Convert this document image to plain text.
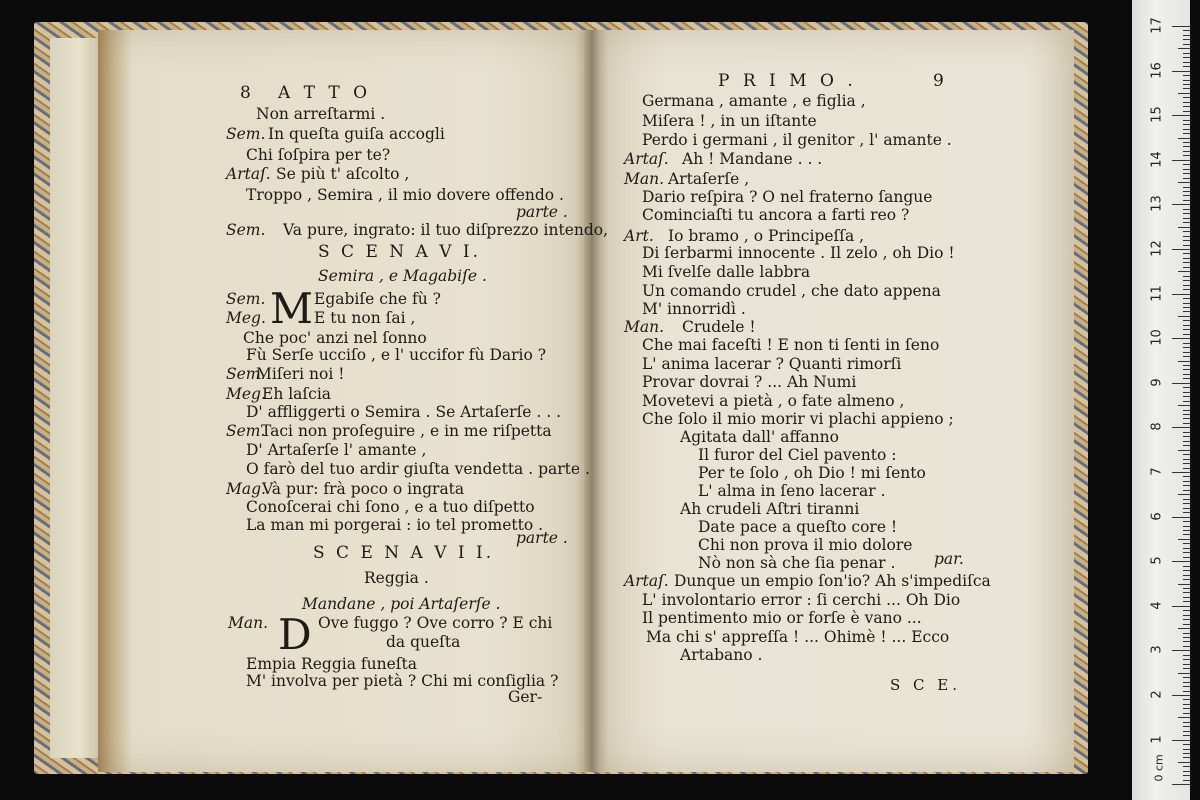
8 A T T O
Non arreſtarmi .
Sem. In queſta guiſa accogli
Chi ſoſpira per te?
Artaſ. Se più t' aſcolto ,
Troppo , Semira , il mio dovere offendo .
parte .
Sem. Va pure, ingrato: il tuo diſprezzo intendo,
S C E N A V I.
Semira , e Magabiſe .
M
Sem.	Egabiſe che fù ?
Meg.	E tu non ſai ,
Che poc' anzi nel ſonno
Fù Serſe ucciſo , e l' uccifor fù Dario ?
Sem.
Miſeri noi !
Meg.
Eh laſcia
D' affliggerti o Semira . Se Artaſerſe . . .
Sem.
Taci non proſeguire , e in me riſpetta
D' Artaſerſe l' amante ,
O farò del tuo ardir giuſta vendetta . parte .
Mag.
Và pur: frà poco o ingrata
Conoſcerai chi ſono , e a tuo diſpetto
La man mi porgerai : io tel prometto .
parte .
S C E N A V I I.
Reggia .
Mandane , poi Artaſerſe .
D
Man.	Ove fuggo ? Ove corro ? E chi
da queſta
Empia Reggia funeſta
M' involva per pietà ? Chi mi conſiglia ?
Ger-
P R I M O .	9
S C E.
Germana , amante , e figlia ,
Miſera ! , in un iſtante
Perdo i germani , il genitor , l' amante .
Artaſ. Ah ! Mandane . . .
Man. Artaſerſe ,
Dario reſpira ? O nel fraterno ſangue
Cominciaſti tu ancora a farti reo ?
Art. Io bramo , o Principeſſa ,
Di ſerbarmi innocente . Il zelo , oh Dio !
Mi ſvelſe dalle labbra
Un comando crudel , che dato appena
M' innorridì .
Man. Crudele !
Che mai faceſti ! E non ti ſenti in ſeno
L' anima lacerar ? Quanti rimorſi
Provar dovrai ? ... Ah Numi
Movetevi a pietà , o fate almeno ,
Che ſolo il mio morir vi plachi appieno ;
Agitata dall' affanno
Il furor del Ciel pavento :
Per te ſolo , oh Dio ! mi ſento
L' alma in ſeno lacerar .
Ah crudeli Aſtri tiranni
Date pace a queſto core !
Chi non prova il mio dolore
Nò non sà che ſia penar . par.
Artaſ. Dunque un empio ſon'io? Ah s'impediſca
L' involontario error : ſi cerchi ... Oh Dio
Il pentimento mio or forſe è vano ...
Ma chi s' appreſſa ! ... Ohimè ! ... Ecco
Artabano .
0 cm
17
16
15
14
13
12
11
10
9
8
7
6
5
4
3
2
1
